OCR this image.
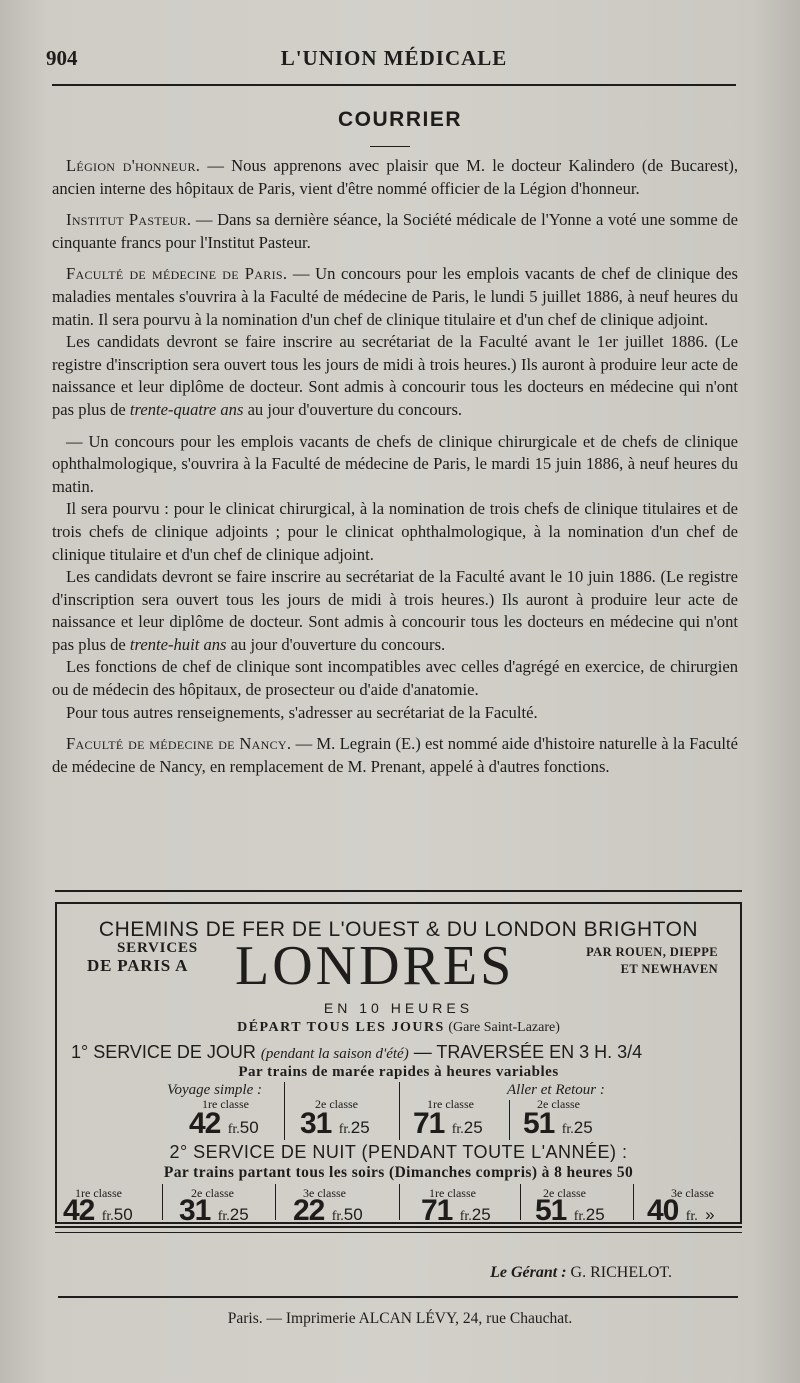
904	L'UNION MÉDICALE
COURRIER

Légion d'honneur. — Nous apprenons avec plaisir que M. le docteur Kalindero (de Bucarest), ancien interne des hôpitaux de Paris, vient d'être nommé officier de la Légion d'honneur.

Institut Pasteur. — Dans sa dernière séance, la Société médicale de l'Yonne a voté une somme de cinquante francs pour l'Institut Pasteur.

Faculté de médecine de Paris. — Un concours pour les emplois vacants de chef de clinique des maladies mentales s'ouvrira à la Faculté de médecine de Paris, le lundi 5 juillet 1886, à neuf heures du matin. Il sera pourvu à la nomination d'un chef de clinique titulaire et d'un chef de clinique adjoint.

Les candidats devront se faire inscrire au secrétariat de la Faculté avant le 1er juillet 1886. (Le registre d'inscription sera ouvert tous les jours de midi à trois heures.) Ils auront à produire leur acte de naissance et leur diplôme de docteur. Sont admis à concourir tous les docteurs en médecine qui n'ont pas plus de trente-quatre ans au jour d'ouverture du concours.

— Un concours pour les emplois vacants de chefs de clinique chirurgicale et de chefs de clinique ophthalmologique, s'ouvrira à la Faculté de médecine de Paris, le mardi 15 juin 1886, à neuf heures du matin.

Il sera pourvu : pour le clinicat chirurgical, à la nomination de trois chefs de clinique titulaires et de trois chefs de clinique adjoints ; pour le clinicat ophthalmologique, à la nomination d'un chef de clinique titulaire et d'un chef de clinique adjoint.

Les candidats devront se faire inscrire au secrétariat de la Faculté avant le 10 juin 1886. (Le registre d'inscription sera ouvert tous les jours de midi à trois heures.) Ils auront à produire leur acte de naissance et leur diplôme de docteur. Sont admis à concourir tous les docteurs en médecine qui n'ont pas plus de trente-huit ans au jour d'ouverture du concours.

Les fonctions de chef de clinique sont incompatibles avec celles d'agrégé en exercice, de chirurgien ou de médecin des hôpitaux, de prosecteur ou d'aide d'anatomie.

Pour tous autres renseignements, s'adresser au secrétariat de la Faculté.

Faculté de médecine de Nancy. — M. Legrain (E.) est nommé aide d'histoire naturelle à la Faculté de médecine de Nancy, en remplacement de M. Prenant, appelé à d'autres fonctions.

CHEMINS DE FER DE L'OUEST & DU LONDON BRIGHTON
SERVICES
DE PARIS A LONDRES	PAR ROUEN, DIEPPE
ET NEWHAVEN
EN 10 HEURES
DÉPART TOUS LES JOURS (Gare Saint-Lazare)
1° SERVICE DE JOUR (pendant la saison d'été) — TRAVERSÉE EN 3 H. 3/4
Par trains de marée rapides à heures variables
Voyage simple :	Aller et Retour :
1re classe	2e classe	1re classe	2e classe
42 fr.50 31 fr.25 71 fr.25 51 fr.25
2° SERVICE DE NUIT (PENDANT TOUTE L'ANNÉE) :
Par trains partant tous les soirs (Dimanches compris) à 8 heures 50
1re classe	2e classe	3e classe	1re classe	2e classe	3e classe
42 fr.50 31 fr.25 22 fr.50 71 fr.25 51 fr.25 40 fr. »
Le Gérant : G. RICHELOT.
Paris. — Imprimerie ALCAN LÉVY, 24, rue Chauchat.
